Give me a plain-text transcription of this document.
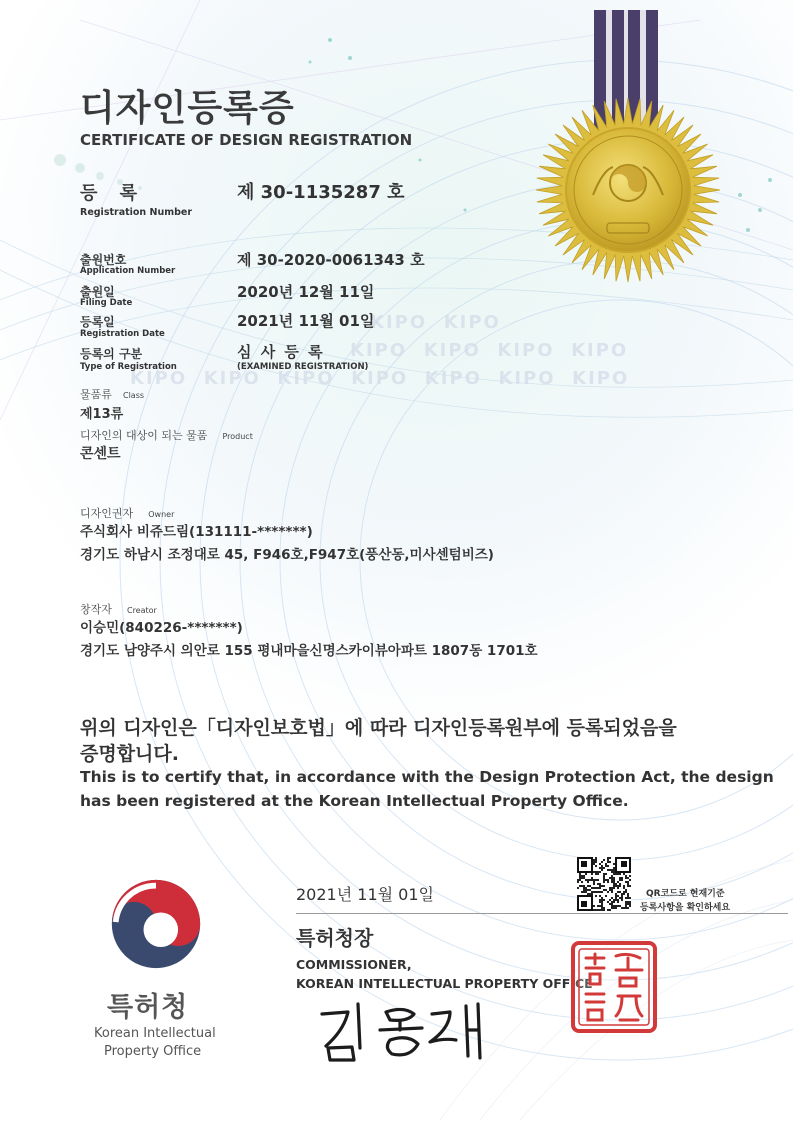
KIPO KIPO
KIPO KIPO KIPO KIPO
KIPO KIPO KIPO KIPO KIPO KIPO KIPO
디자인등록증
CERTIFICATE OF DESIGN REGISTRATION
등 록
Registration Number
제 30-1135287 호
출원번호
Application Number
제 30-2020-0061343 호
출원일
Filing Date
2020년 12월 11일
등록일
Registration Date
2021년 11월 01일
등록의 구분
Type of Registration
심 사 등 록
(EXAMINED REGISTRATION)
물품류 Class
제13류
디자인의 대상이 되는 물품 Product
콘센트
디자인권자 Owner
주식회사 비쥬드림(131111-*******)
경기도 하남시 조정대로 45, F946호,F947호(풍산동,미사센텀비즈)
창작자 Creator
이승민(840226-*******)
경기도 남양주시 의안로 155 평내마을신명스카이뷰아파트 1807동 1701호
위의 디자인은「디자인보호법」에 따라 디자인등록원부에 등록되었음을
증명합니다.
This is to certify that, in accordance with the Design Protection Act, the design
has been registered at the Korean Intellectual Property Office.
특허청
Korean Intellectual
Property Office
2021년 11월 01일	QR코드로 현재기준
등록사항을 확인하세요
특허청장
COMMISSIONER,
KOREAN INTELLECTUAL PROPERTY OFFICE
